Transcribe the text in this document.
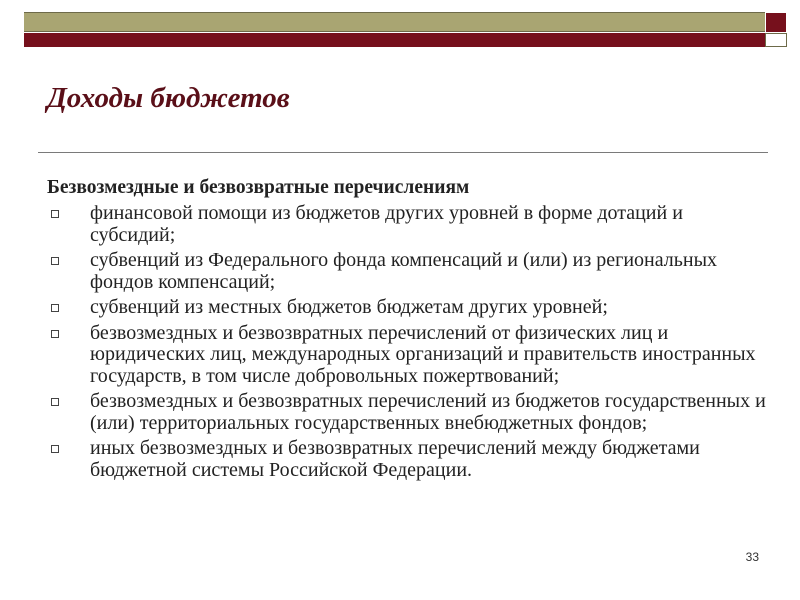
Доходы бюджетов
Безвозмездные и безвозвратные перечислениям
финансовой помощи из бюджетов других уровней в форме дотаций и субсидий;
субвенций из Федерального фонда компенсаций и (или) из региональных фондов компенсаций;
субвенций из местных бюджетов бюджетам других уровней;
безвозмездных и безвозвратных перечислений от физических лиц и юридических лиц, международных организаций и правительств иностранных государств, в том числе добровольных пожертвований;
безвозмездных и безвозвратных перечислений из бюджетов государственных и (или) территориальных государственных внебюджетных фондов;
иных безвозмездных и безвозвратных перечислений между бюджетами бюджетной системы Российской Федерации.
33
